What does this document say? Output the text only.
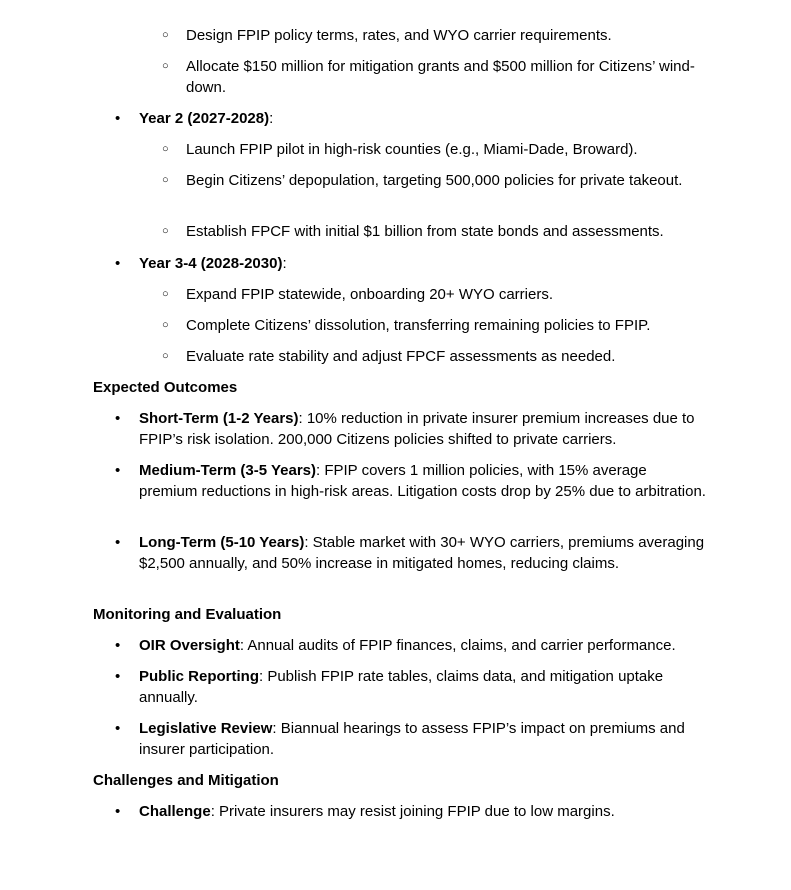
○ Design FPIP policy terms, rates, and WYO carrier requirements.
○ Allocate $150 million for mitigation grants and $500 million for Citizens’ wind-down.
•	Year 2 (2027-2028):
○ Launch FPIP pilot in high-risk counties (e.g., Miami-Dade, Broward).
○ Begin Citizens’ depopulation, targeting 500,000 policies for private takeout.
○ Establish FPCF with initial $1 billion from state bonds and assessments.
•	Year 3-4 (2028-2030):
○ Expand FPIP statewide, onboarding 20+ WYO carriers.
○ Complete Citizens’ dissolution, transferring remaining policies to FPIP.
○ Evaluate rate stability and adjust FPCF assessments as needed.
Expected Outcomes
•	Short-Term (1-2 Years): 10% reduction in private insurer premium increases due to FPIP’s risk isolation. 200,000 Citizens policies shifted to private carriers.
•	Medium-Term (3-5 Years): FPIP covers 1 million policies, with 15% average premium reductions in high-risk areas. Litigation costs drop by 25% due to arbitration.
•	Long-Term (5-10 Years): Stable market with 30+ WYO carriers, premiums averaging $2,500 annually, and 50% increase in mitigated homes, reducing claims.
Monitoring and Evaluation
•	OIR Oversight: Annual audits of FPIP finances, claims, and carrier performance.
•	Public Reporting: Publish FPIP rate tables, claims data, and mitigation uptake annually.
•	Legislative Review: Biannual hearings to assess FPIP’s impact on premiums and insurer participation.
Challenges and Mitigation
•	Challenge: Private insurers may resist joining FPIP due to low margins.
